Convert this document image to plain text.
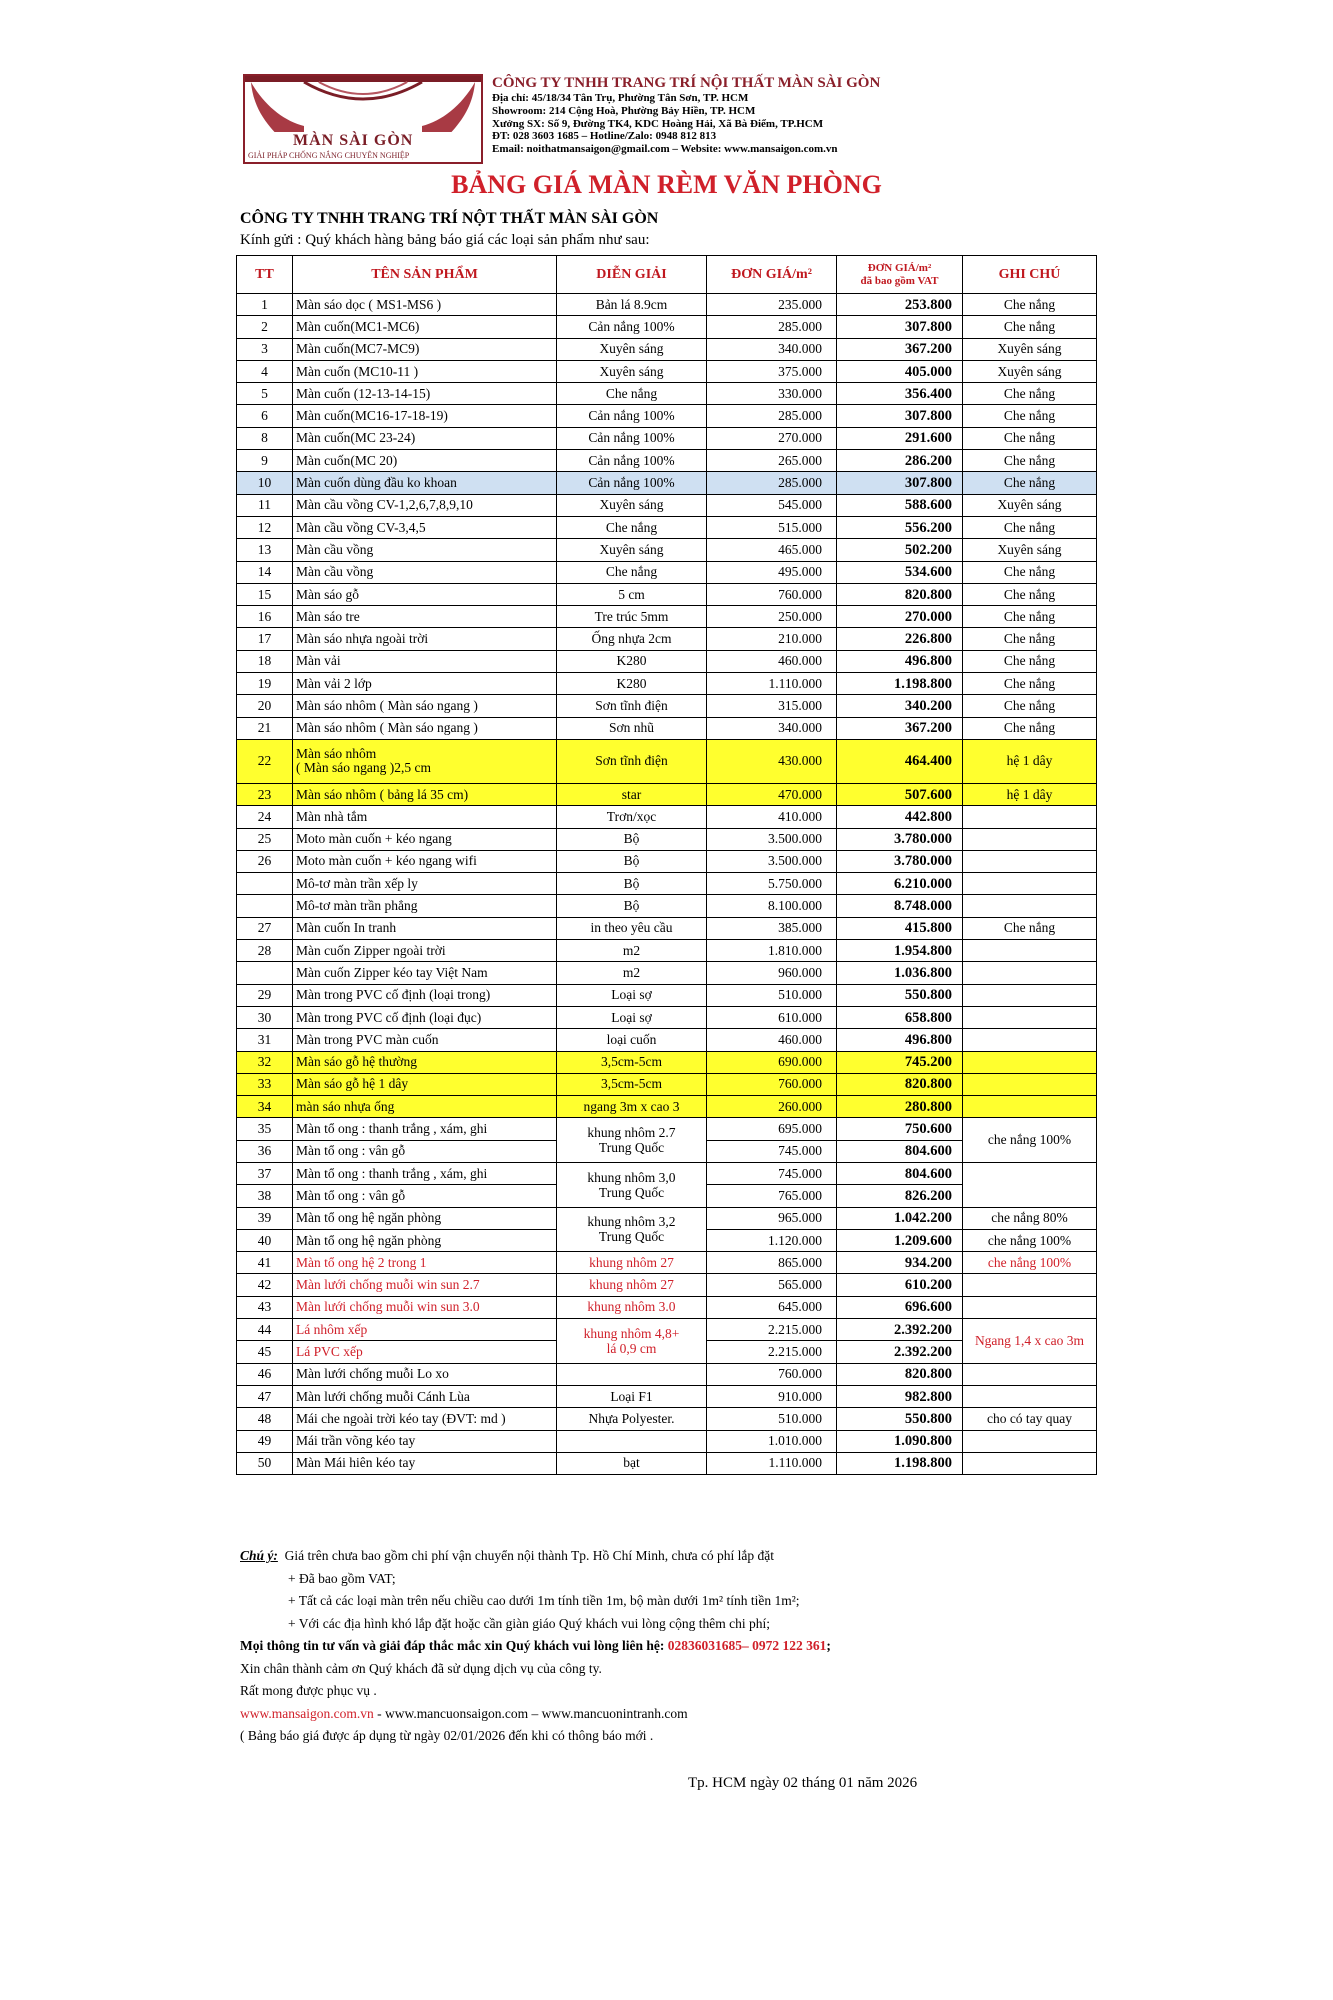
MÀN SÀI GÒN
GIẢI PHÁP CHỐNG NẮNG CHUYÊN NGHIỆP
CÔNG TY TNHH TRANG TRÍ NỘI THẤT MÀN SÀI GÒN
Địa chỉ: 45/18/34 Tân Trụ, Phường Tân Sơn, TP. HCM
Showroom: 214 Cộng Hoà, Phường Bảy Hiền, TP. HCM
Xưởng SX: Số 9, Đường TK4, KDC Hoàng Hải, Xã Bà Điểm, TP.HCM
ĐT: 028 3603 1685 – Hotline/Zalo: 0948 812 813
Email: noithatmansaigon@gmail.com – Website: www.mansaigon.com.vn
BẢNG GIÁ MÀN RÈM VĂN PHÒNG
CÔNG TY TNHH TRANG TRÍ NỘT THẤT MÀN SÀI GÒN
Kính gửi : Quý khách hàng bảng báo giá các loại sản phẩm như sau:
TT	TÊN SẢN PHẨM	DIỄN GIẢI	ĐƠN GIÁ/m²	ĐƠN GIÁ/m²
đã bao gồm VAT	GHI CHÚ
1	Màn sáo dọc ( MS1-MS6 )	Bản lá 8.9cm	235.000	253.800	Che nắng
2	Màn cuốn(MC1-MC6)	Cản nắng 100%	285.000	307.800	Che nắng
3	Màn cuốn(MC7-MC9)	Xuyên sáng	340.000	367.200	Xuyên sáng
4	Màn cuốn (MC10-11 )	Xuyên sáng	375.000	405.000	Xuyên sáng
5	Màn cuốn (12-13-14-15)	Che nắng	330.000	356.400	Che nắng
6	Màn cuốn(MC16-17-18-19)	Cản nắng 100%	285.000	307.800	Che nắng
8	Màn cuốn(MC 23-24)	Cản nắng 100%	270.000	291.600	Che nắng
9	Màn cuốn(MC 20)	Cản nắng 100%	265.000	286.200	Che nắng
10	Màn cuốn dùng đầu ko khoan	Cản nắng 100%	285.000	307.800	Che nắng
11	Màn cầu vồng CV-1,2,6,7,8,9,10	Xuyên sáng	545.000	588.600	Xuyên sáng
12	Màn cầu vồng CV-3,4,5	Che nắng	515.000	556.200	Che nắng
13	Màn cầu vồng	Xuyên sáng	465.000	502.200	Xuyên sáng
14	Màn cầu vồng	Che nắng	495.000	534.600	Che nắng
15	Màn sáo gỗ	5 cm	760.000	820.800	Che nắng
16	Màn sáo tre	Tre trúc 5mm	250.000	270.000	Che nắng
17	Màn sáo nhựa ngoài trời	Ống nhựa 2cm	210.000	226.800	Che nắng
18	Màn vải	K280	460.000	496.800	Che nắng
19	Màn vải 2 lớp	K280	1.110.000	1.198.800	Che nắng
20	Màn sáo nhôm ( Màn sáo ngang )	Sơn tĩnh điện	315.000	340.200	Che nắng
21	Màn sáo nhôm ( Màn sáo ngang )	Sơn nhũ	340.000	367.200	Che nắng
22	Màn sáo nhôm
( Màn sáo ngang )2,5 cm	Sơn tĩnh điện	430.000	464.400	hệ 1 dây
23	Màn sáo nhôm ( bảng lá 35 cm)	star	470.000	507.600	hệ 1 dây
24	Màn nhà tắm	Trơn/xọc	410.000	442.800	
25	Moto màn cuốn + kéo ngang	Bộ	3.500.000	3.780.000	
26	Moto màn cuốn + kéo ngang wifi	Bộ	3.500.000	3.780.000	
	Mô-tơ màn trần xếp ly	Bộ	5.750.000	6.210.000	
	Mô-tơ màn trần phẳng	Bộ	8.100.000	8.748.000	
27	Màn cuốn In tranh	in theo yêu cầu	385.000	415.800	Che nắng
28	Màn cuốn Zipper ngoài trời	m2	1.810.000	1.954.800	
	Màn cuốn Zipper kéo tay Việt Nam	m2	960.000	1.036.800	
29	Màn trong PVC cố định (loại trong)	Loại sợ	510.000	550.800	
30	Màn trong PVC cố định (loại đục)	Loại sợ	610.000	658.800	
31	Màn trong PVC màn cuốn	loại cuốn	460.000	496.800	
32	Màn sáo gỗ hệ thường	3,5cm-5cm	690.000	745.200	
33	Màn sáo gỗ hệ 1 dây	3,5cm-5cm	760.000	820.800	
34	màn sáo nhựa ống	ngang 3m x cao 3	260.000	280.800	
35	Màn tổ ong : thanh trắng , xám, ghi	khung nhôm 2.7
Trung Quốc	695.000	750.600	che nắng 100%
36	Màn tổ ong : vân gỗ		745.000	804.600	
37	Màn tổ ong : thanh trắng , xám, ghi	khung nhôm 3,0
Trung Quốc	745.000	804.600	
38	Màn tổ ong : vân gỗ		765.000	826.200	
39	Màn tổ ong hệ ngăn phòng	khung nhôm 3,2
Trung Quốc	965.000	1.042.200	che nắng 80%
40	Màn tổ ong hệ ngăn phòng		1.120.000	1.209.600	che nắng 100%
41	Màn tổ ong hệ 2 trong 1	khung nhôm 27	865.000	934.200	che nắng 100%
42	Màn lưới chống muỗi win sun 2.7	khung nhôm 27	565.000	610.200	
43	Màn lưới chống muỗi win sun 3.0	khung nhôm 3.0	645.000	696.600	
44	Lá nhôm xếp	khung nhôm 4,8+
lá 0,9 cm	2.215.000	2.392.200	Ngang 1,4 x cao 3m
45	Lá PVC xếp		2.215.000	2.392.200	
46	Màn lưới chống muỗi Lo xo		760.000	820.800	
47	Màn lưới chống muỗi Cánh Lùa	Loại F1	910.000	982.800	
48	Mái che ngoài trời kéo tay (ĐVT: md )	Nhựa Polyester.	510.000	550.800	cho có tay quay
49	Mái trần võng kéo tay		1.010.000	1.090.800	
50	Màn Mái hiên kéo tay	bạt	1.110.000	1.198.800	
Chú ý: Giá trên chưa bao gồm chi phí vận chuyển nội thành Tp. Hồ Chí Minh, chưa có phí lắp đặt
+ Đã bao gồm VAT;
+ Tất cả các loại màn trên nếu chiều cao dưới 1m tính tiền 1m, bộ màn dưới 1m² tính tiền 1m²;
+ Với các địa hình khó lắp đặt hoặc cần giàn giáo Quý khách vui lòng cộng thêm chi phí;
Mọi thông tin tư vấn và giải đáp thắc mắc xin Quý khách vui lòng liên hệ: 02836031685– 0972 122 361;
Xin chân thành cảm ơn Quý khách đã sử dụng dịch vụ của công ty.
Rất mong được phục vụ .
www.mansaigon.com.vn - www.mancuonsaigon.com – www.mancuonintranh.com
( Bảng báo giá được áp dụng từ ngày 02/01/2026 đến khi có thông báo mới .
Tp. HCM ngày 02 tháng 01 năm 2026
